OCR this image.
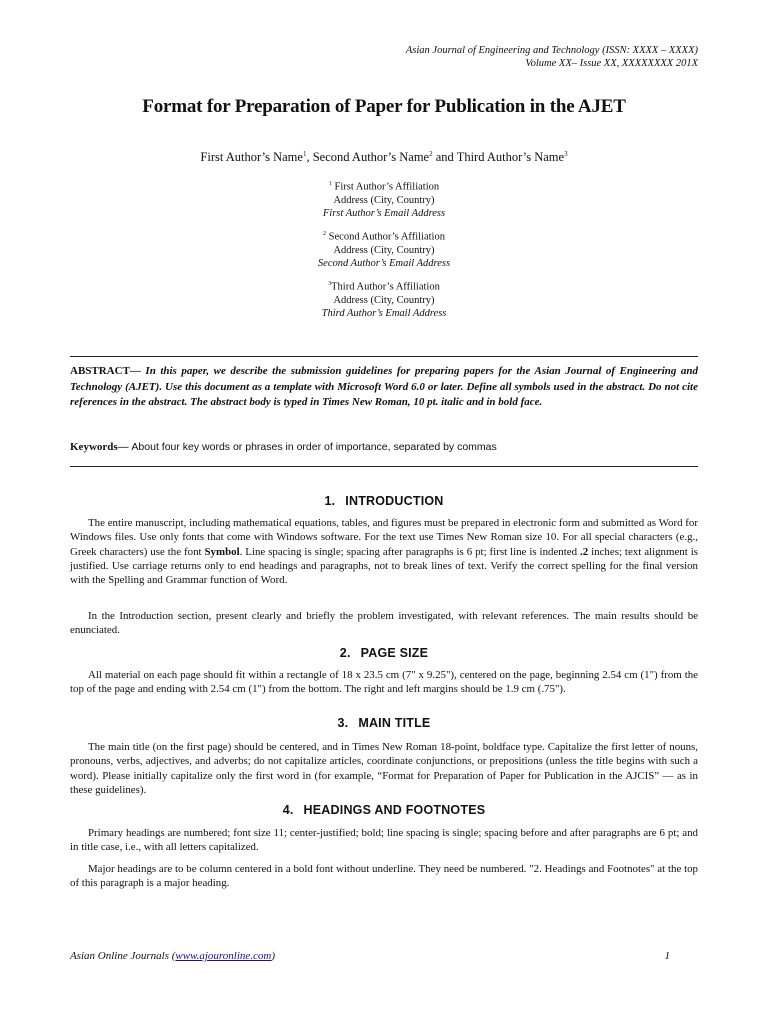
Asian Journal of Engineering and Technology (ISSN: XXXX – XXXX)
Volume XX– Issue XX, XXXXXXXX 201X
Format for Preparation of Paper for Publication in the AJET
First Author’s Name$^1$, Second Author’s Name$^2$ and Third Author’s Name$^3$
$^1$ First Author’s Affiliation
Address (City, Country)
First Author’s Email Address
$^2$ Second Author’s Affiliation
Address (City, Country)
Second Author’s Email Address
$^3$Third Author’s Affiliation
Address (City, Country)
Third Author’s Email Address
ABSTRACT— In this paper, we describe the submission guidelines for preparing papers for the Asian Journal of Engineering and Technology (AJET). Use this document as a template with Microsoft Word 6.0 or later. Define all symbols used in the abstract. Do not cite references in the abstract. The abstract body is typed in Times New Roman, 10 pt. italic and in bold face.
Keywords— About four key words or phrases in order of importance, separated by commas
1. INTRODUCTION
The entire manuscript, including mathematical equations, tables, and figures must be prepared in electronic form and submitted as Word for Windows files. Use only fonts that come with Windows software. For the text use Times New Roman size 10. For all special characters (e.g., Greek characters) use the font Symbol. Line spacing is single; spacing after paragraphs is 6 pt; first line is indented .2 inches; text alignment is justified. Use carriage returns only to end headings and paragraphs, not to break lines of text. Verify the correct spelling for the final version with the Spelling and Grammar function of Word.
In the Introduction section, present clearly and briefly the problem investigated, with relevant references. The main results should be enunciated.
2. PAGE SIZE
All material on each page should fit within a rectangle of 18 x 23.5 cm (7" x 9.25"), centered on the page, beginning 2.54 cm (1") from the top of the page and ending with 2.54 cm (1") from the bottom. The right and left margins should be 1.9 cm (.75").
3. MAIN TITLE
The main title (on the first page) should be centered, and in Times New Roman 18-point, boldface type. Capitalize the first letter of nouns, pronouns, verbs, adjectives, and adverbs; do not capitalize articles, coordinate conjunctions, or prepositions (unless the title begins with such a word). Please initially capitalize only the first word in (for example, “Format for Preparation of Paper for Publication in the AJCIS” — as in these guidelines).
4. HEADINGS AND FOOTNOTES
Primary headings are numbered; font size 11; center-justified; bold; line spacing is single; spacing before and after paragraphs are 6 pt; and in title case, i.e., with all letters capitalized.
Major headings are to be column centered in a bold font without underline. They need be numbered. "2. Headings and Footnotes" at the top of this paragraph is a major heading.
Asian Online Journals (www.ajouronline.com)	1
